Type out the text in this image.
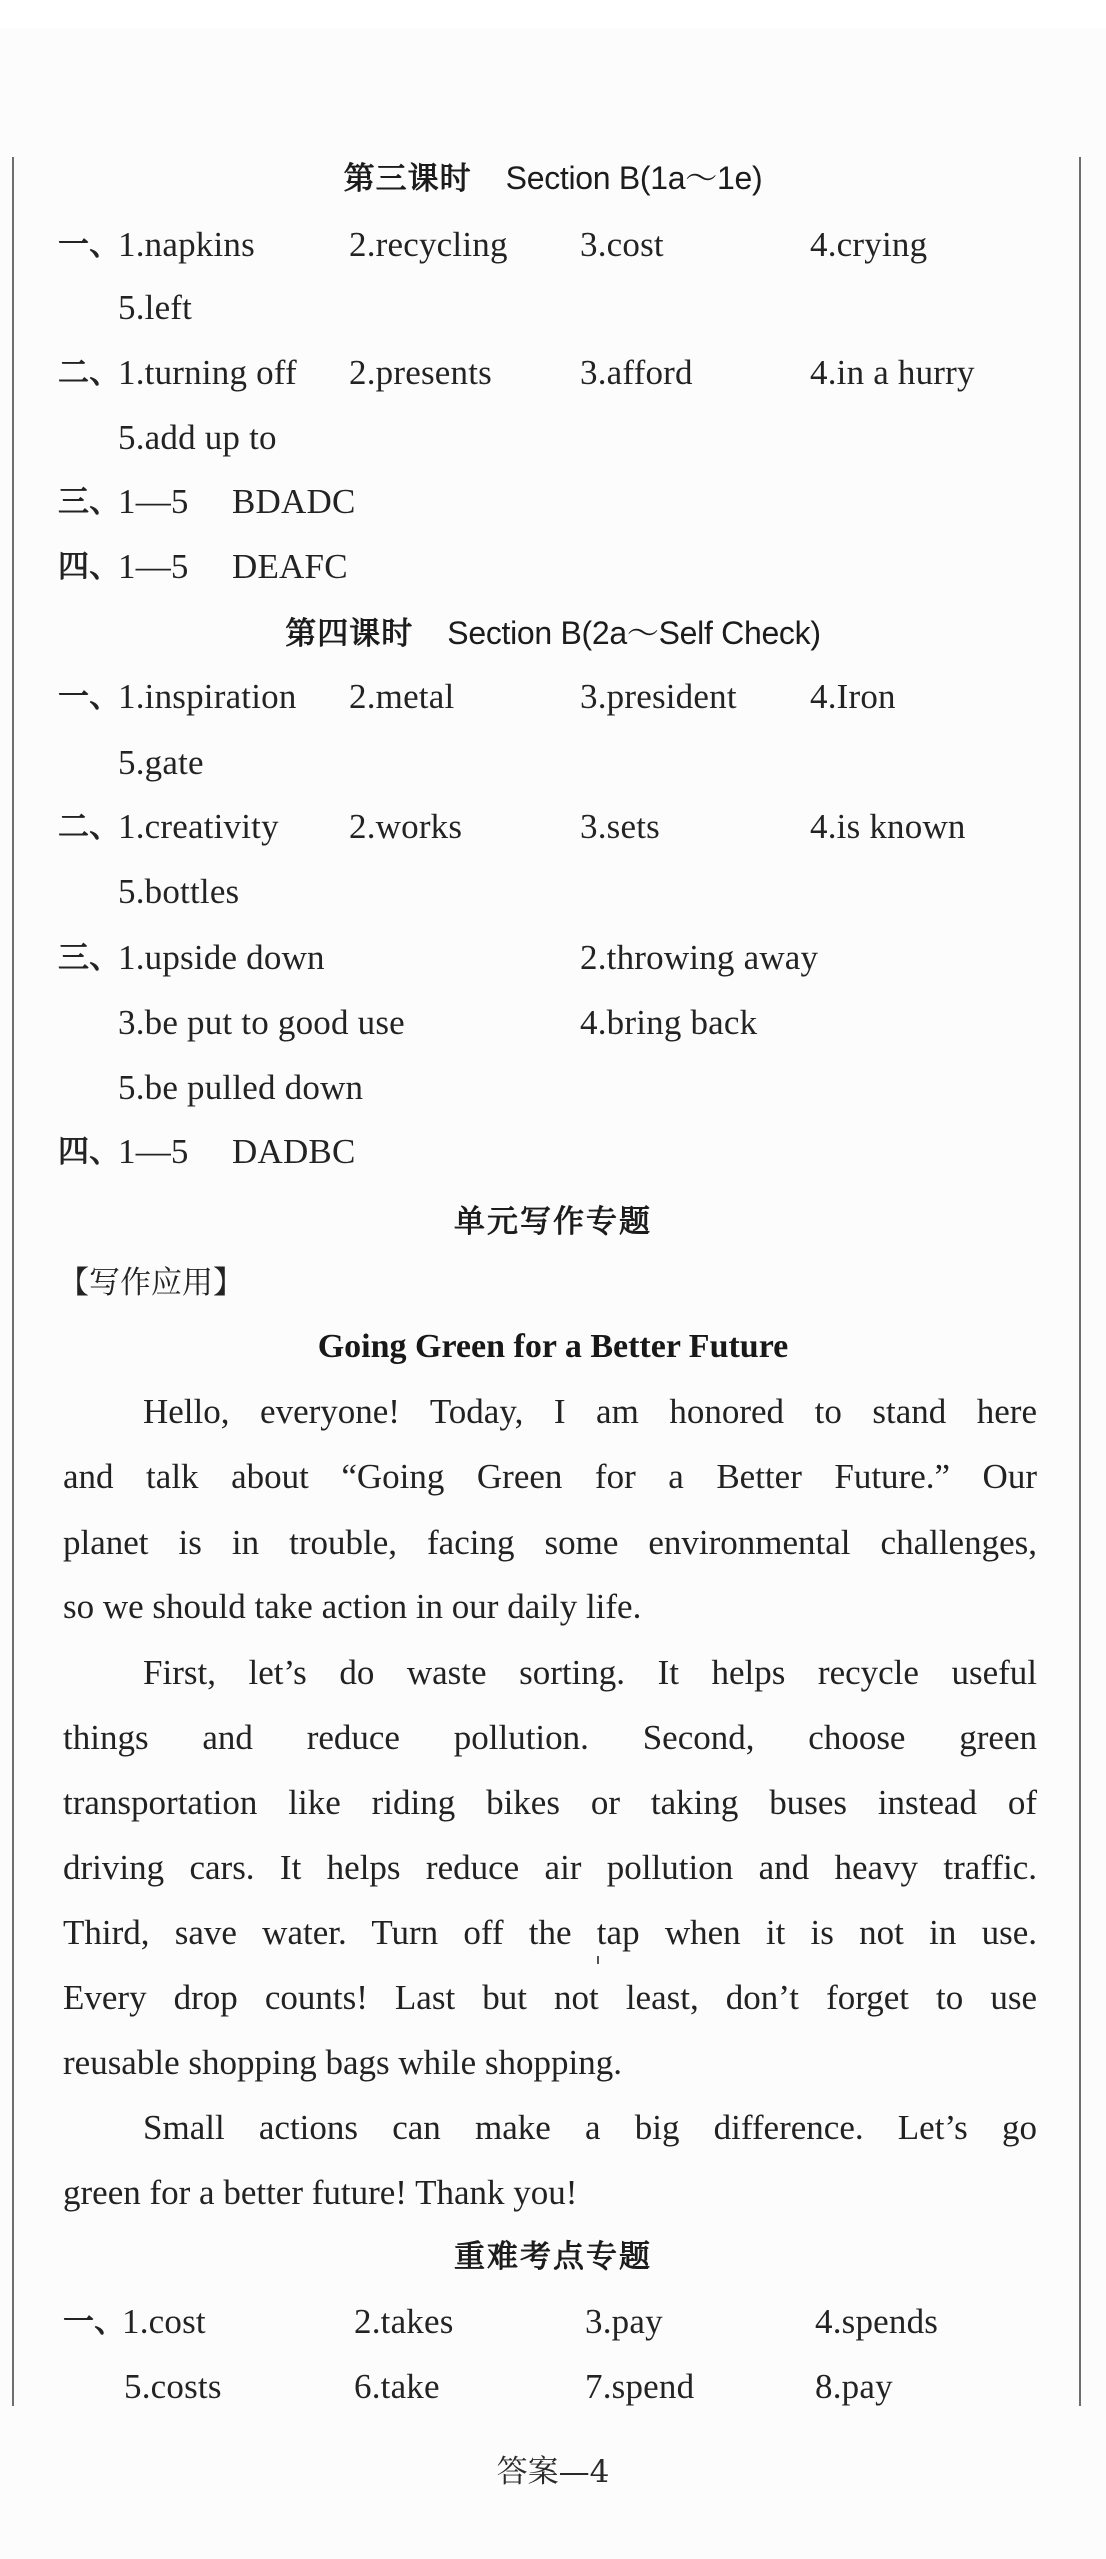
第三课时 Section B(1a～1e)
一、
1.napkins	2.recycling 3.cost	4.crying
5.left
二、
1.turning off 2.presents	3.afford	4.in a hurry
5.add up to
三、
1—5 BDADC
四、
1—5 DEAFC
第四课时 Section B(2a～Self Check)
一、
1.inspiration 2.metal	3.president 4.Iron
5.gate
二、
1.creativity 2.works	3.sets	4.is known
5.bottles
三、
1.upside down	2.throwing away
3.be put to good use	4.bring back
5.be pulled down
四、
1—5 DADBC
单元写作专题
【写作应用】
Going Green for a Better Future
Hello, everyone! Today, I am honored to stand here
and talk about “Going Green for a Better Future.” Our
planet is in trouble, facing some environmental challenges,
so we should take action in our daily life.
First, let’s do waste sorting. It helps recycle useful
things and reduce pollution. Second, choose green
transportation like riding bikes or taking buses instead of
driving cars. It helps reduce air pollution and heavy traffic.
Third, save water. Turn off the tap when it is not in use.
Every drop counts! Last but not least, don’t forget to use
reusable shopping bags while shopping.
Small actions can make a big difference. Let’s go
green for a better future! Thank you!
重难考点专题
一、
1.cost	2.takes	3.pay	4.spends
5.costs	6.take	7.spend	8.pay
答案—4
